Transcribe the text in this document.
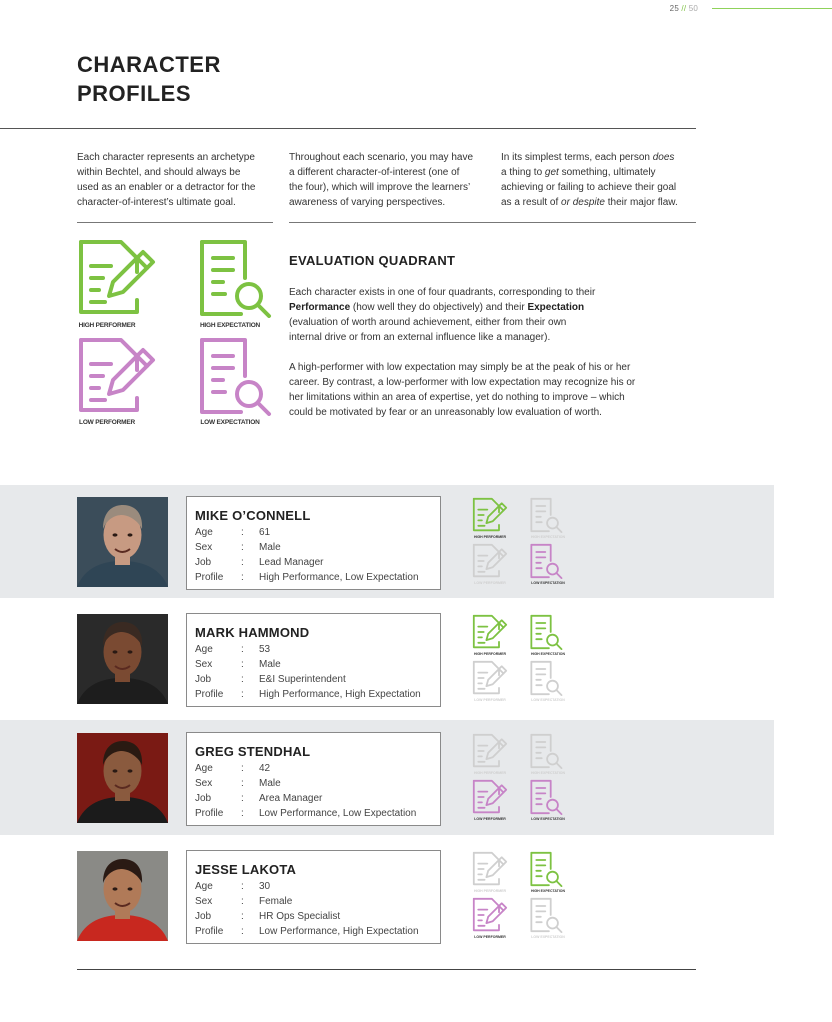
25 // 50
CHARACTER
PROFILES
Each character represents an archetype
within Bechtel, and should always be
used as an enabler or a detractor for the
character-of-interest’s ultimate goal.
Throughout each scenario, you may have
a different character-of-interest (one of
the four), which will improve the learners’
awareness of varying perspectives.
In its simplest terms, each person does
a thing to get something, ultimately
achieving or failing to achieve their goal
as a result of or despite their major flaw.
HIGH PERFORMER	HIGH EXPECTATION
LOW PERFORMER	LOW EXPECTATION
EVALUATION QUADRANT
Each character exists in one of four quadrants, corresponding to their
Performance (how well they do objectively) and their Expectation
(evaluation of worth around achievement, either from their own
internal drive or from an external influence like a manager).
A high-performer with low expectation may simply be at the peak of his or her
career. By contrast, a low-performer with low expectation may recognize his or
her limitations within an area of expertise, yet do nothing to improve – which
could be motivated by fear or an unreasonably low evaluation of worth.
MIKE O’CONNELL
Age	: 61
Sex	: Male
Job	: Lead Manager
Profile : High Performance, Low Expectation
HIGH PERFORMER	HIGH EXPECTATION
LOW PERFORMER	LOW EXPECTATION
MARK HAMMOND
Age	: 53
Sex	: Male
Job	: E&I Superintendent
Profile : High Performance, High Expectation
HIGH PERFORMER	HIGH EXPECTATION
LOW PERFORMER	LOW EXPECTATION
GREG STENDHAL
Age	: 42
Sex	: Male
Job	: Area Manager
Profile : Low Performance, Low Expectation
HIGH PERFORMER	HIGH EXPECTATION
LOW PERFORMER	LOW EXPECTATION
JESSE LAKOTA
Age	: 30
Sex	: Female
Job	: HR Ops Specialist
Profile : Low Performance, High Expectation
HIGH PERFORMER	HIGH EXPECTATION
LOW PERFORMER	LOW EXPECTATION
